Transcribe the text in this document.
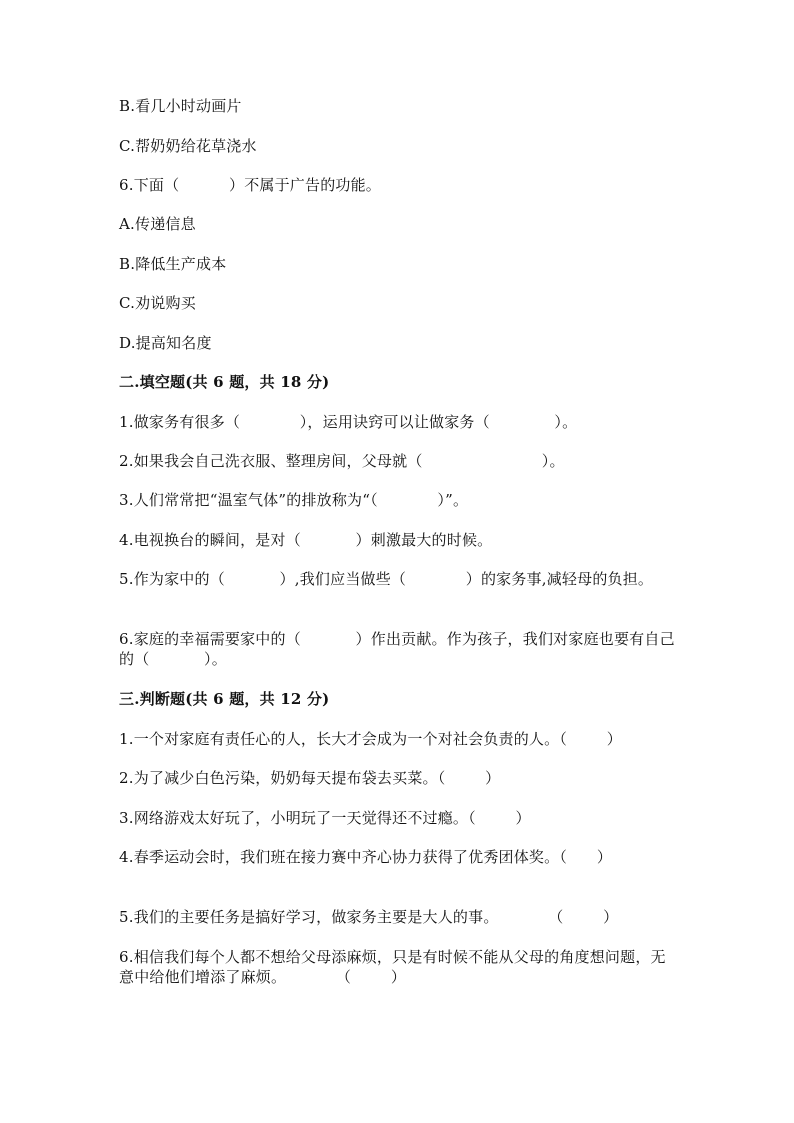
B.看几小时动画片
C.帮奶奶给花草浇水
6.下面（          ）不属于广告的功能。
A.传递信息
B.降低生产成本
C.劝说购买
D.提高知名度
二.填空题(共 6 题，共 18 分)
1.做家务有很多（            ），运用诀窍可以让做家务（             ）。
2.如果我会自己洗衣服、整理房间，父母就（                        ）。
3.人们常常把“温室气体”的排放称为“（            ）”。
4.电视换台的瞬间，是对（           ）刺激最大的时候。
5.作为家中的（           ）,我们应当做些（            ）的家务事,减轻母的负担。
6.家庭的幸福需要家中的（           ）作出贡献。作为孩子，我们对家庭也要有自己的（           ）。
三.判断题(共 6 题，共 12 分)
1.一个对家庭有责任心的人，长大才会成为一个对社会负责的人。（        ）
2.为了减少白色污染，奶奶每天提布袋去买菜。（        ）
3.网络游戏太好玩了，小明玩了一天觉得还不过瘾。（        ）
4.春季运动会时，我们班在接力赛中齐心协力获得了优秀团体奖。（      ）
5.我们的主要任务是搞好学习，做家务主要是大人的事。          （        ）
6.相信我们每个人都不想给父母添麻烦，只是有时候不能从父母的角度想问题，无意中给他们增添了麻烦。          （        ）
